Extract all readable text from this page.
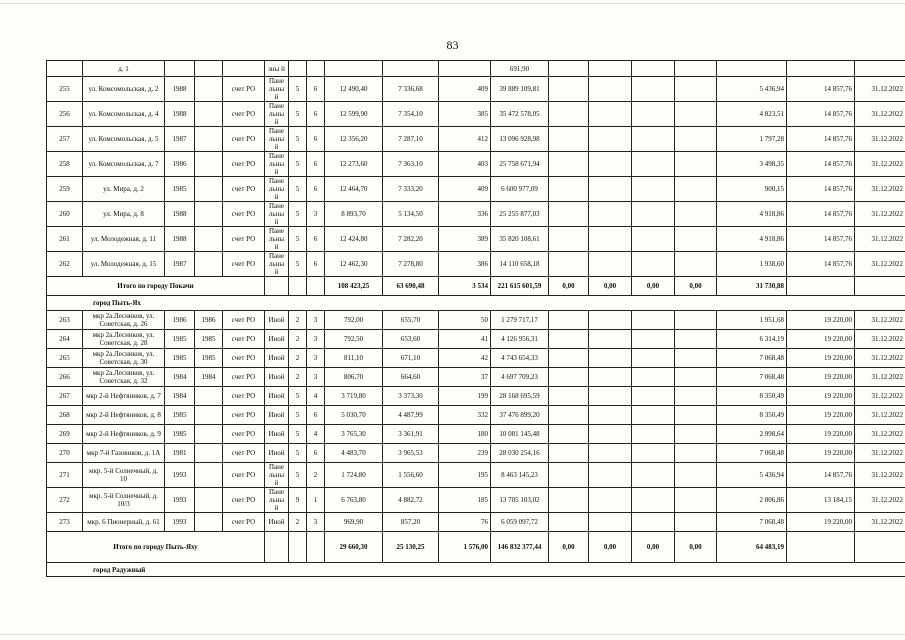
83
	д. 1				зны й						691,90							
255	ул. Комсомольская, д. 2	1988		счет РО	Пане льны й	5	6	12 490,40	7 336,68	409	39 889 109,81					5 436,94	14 857,76	31.12.2022
256	ул. Комсомольская, д. 4	1988		счет РО	Пане льны й	5	6	12 599,90	7 354,10	385	35 472 578,05					4 823,51	14 857,76	31.12.2022
257	ул. Комсомольская, д. 5	1987		счет РО	Пане льны й	5	6	12 356,20	7 287,10	412	13 096 928,98					1 797,28	14 857,76	31.12.2022
258	ул. Комсомольская, д. 7	1986		счет РО	Пане льны й	5	6	12 273,60	7 363,10	403	25 758 671,94					3 498,35	14 857,76	31.12.2022
259	ул. Мира, д. 2	1985		счет РО	Пане льны й	5	6	12 464,70	7 333,20	409	6 600 977,09					900,15	14 857,76	31.12.2022
260	ул. Мира, д. 8	1988		счет РО	Пане льны й	5	3	8 893,70	5 134,50	336	25 255 877,03					4 918,86	14 857,76	31.12.2022
261	ул. Молодежная, д. 11	1988		счет РО	Пане льны й	5	6	12 424,80	7 282,20	389	35 820 108,61					4 918,86	14 857,76	31.12.2022
262	ул. Молодежная, д. 15	1987		счет РО	Пане льны й	5	6	12 462,30	7 278,80	386	14 110 658,18					1 938,60	14 857,76	31.12.2022
Итого по городу Покачи								108 423,25	63 690,48	3 534	221 615 601,59	0,00	0,00	0,00	0,00	31 730,88		
город Пыть-Ях																		
263	мкр 2а.Лесников, ул. Советская, д. 26	1986	1986	счет РО	Иной	2	3	792,00	655,70	50	1 279 717,17					1 951,68	19 220,00	31.12.2022
264	мкр 2а.Лесников, ул. Советская, д. 28	1985	1985	счет РО	Иной	2	3	792,50	653,60	41	4 126 956,31					6 314,19	19 220,00	31.12.2022
265	мкр 2а.Лесников, ул. Советская, д. 30	1985	1985	счет РО	Иной	2	3	811,10	671,10	42	4 743 654,33					7 068,48	19 220,00	31.12.2022
266	мкр 2а.Лесников, ул. Советская, д. 32	1984	1984	счет РО	Иной	2	3	806,70	664,60	37	4 697 709,23					7 068,48	19 220,00	31.12.2022
267	мкр 2-й Нефтяников, д. 7	1984		счет РО	Иной	5	4	3 719,80	3 373,30	199	28 168 695,59					8 350,49	19 220,00	31.12.2022
268	мкр 2-й Нефтяников, д. 8	1985		счет РО	Иной	5	6	5 030,70	4 487,99	332	37 476 899,20					8 350,49	19 220,00	31.12.2022
269	мкр 2-й Нефтяников, д. 9	1985		счет РО	Иной	5	4	3 765,30	3 361,91	180	10 081 145,48					2 998,64	19 220,00	31.12.2022
270	мкр 7-й Газовиков, д. 1А	1981		счет РО	Иной	5	6	4 483,70	3 965,53	239	28 030 254,16					7 068,48	19 220,00	31.12.2022
271	мкр. 5-й Солнечный, д. 10	1993		счет РО	Пане льны й	5	2	1 724,80	1 556,60	195	8 463 145,23					5 436,94	14 857,76	31.12.2022
272	мкр. 5-й Солнечный, д. 10/3	1993		счет РО	Пане льны й	9	1	6 763,80	4 882,72	185	13 705 103,02					2 806,86	13 184,15	31.12.2022
273	мкр. 6 Пионерный, д. 61	1993		счет РО	Иной	2	3	969,90	857,20	76	6 059 097,72					7 068,48	19 220,00	31.12.2022
Итого по городу Пыть-Яху								29 660,30	25 130,25	1 576,00	146 832 377,44	0,00	0,00	0,00	0,00	64 483,19		
город Радужный																		
